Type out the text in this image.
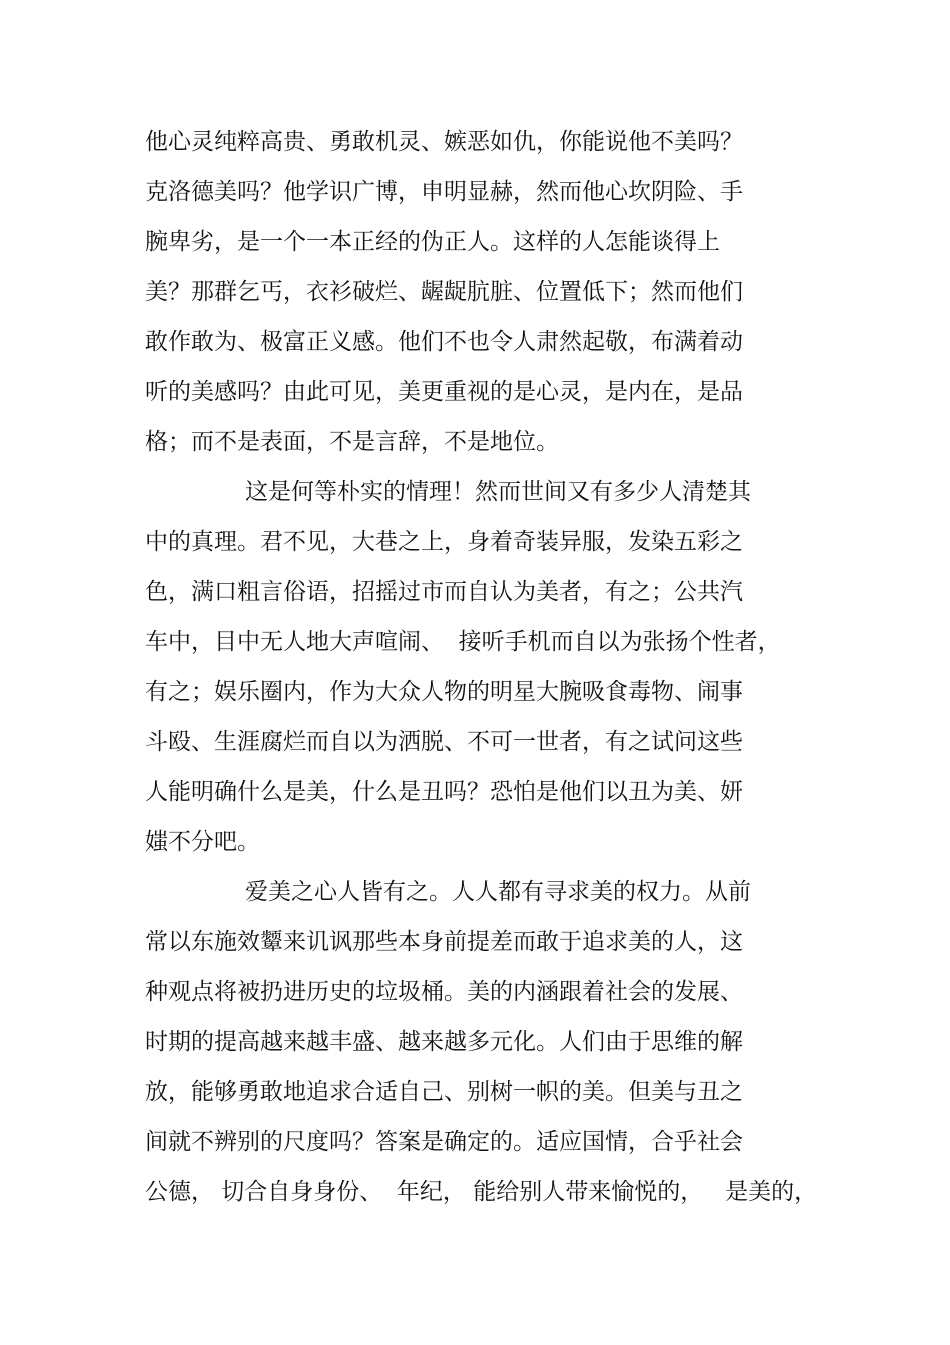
他心灵纯粹高贵、勇敢机灵、嫉恶如仇，你能说他不美吗？

克洛德美吗？他学识广博，申明显赫，然而他心坎阴险、手

腕卑劣，是一个一本正经的伪正人。这样的人怎能谈得上

美？那群乞丐，衣衫破烂、龌龊肮脏、位置低下；然而他们

敢作敢为、极富正义感。他们不也令人肃然起敬，布满着动

听的美感吗？由此可见，美更重视的是心灵，是内在，是品

格；而不是表面，不是言辞，不是地位。

这是何等朴实的情理！然而世间又有多少人清楚其

中的真理。君不见，大巷之上，身着奇装异服，发染五彩之

色，满口粗言俗语，招摇过市而自认为美者，有之；公共汽

车中，目中无人地大声喧闹、  接听手机而自以为张扬个性者，

有之；娱乐圈内，作为大众人物的明星大腕吸食毒物、闹事

斗殴、生涯腐烂而自以为洒脱、不可一世者，有之试问这些

人能明确什么是美，什么是丑吗？恐怕是他们以丑为美、妍

媸不分吧。

爱美之心人皆有之。人人都有寻求美的权力。从前

常以东施效颦来讥讽那些本身前提差而敢于追求美的人，这

种观点将被扔进历史的垃圾桶。美的内涵跟着社会的发展、

时期的提高越来越丰盛、越来越多元化。人们由于思维的解

放，能够勇敢地追求合适自己、别树一帜的美。但美与丑之

间就不辨别的尺度吗？答案是确定的。适应国情，合乎社会

公德， 切合自身身份、  年纪， 能给别人带来愉悦的，   是美的，
